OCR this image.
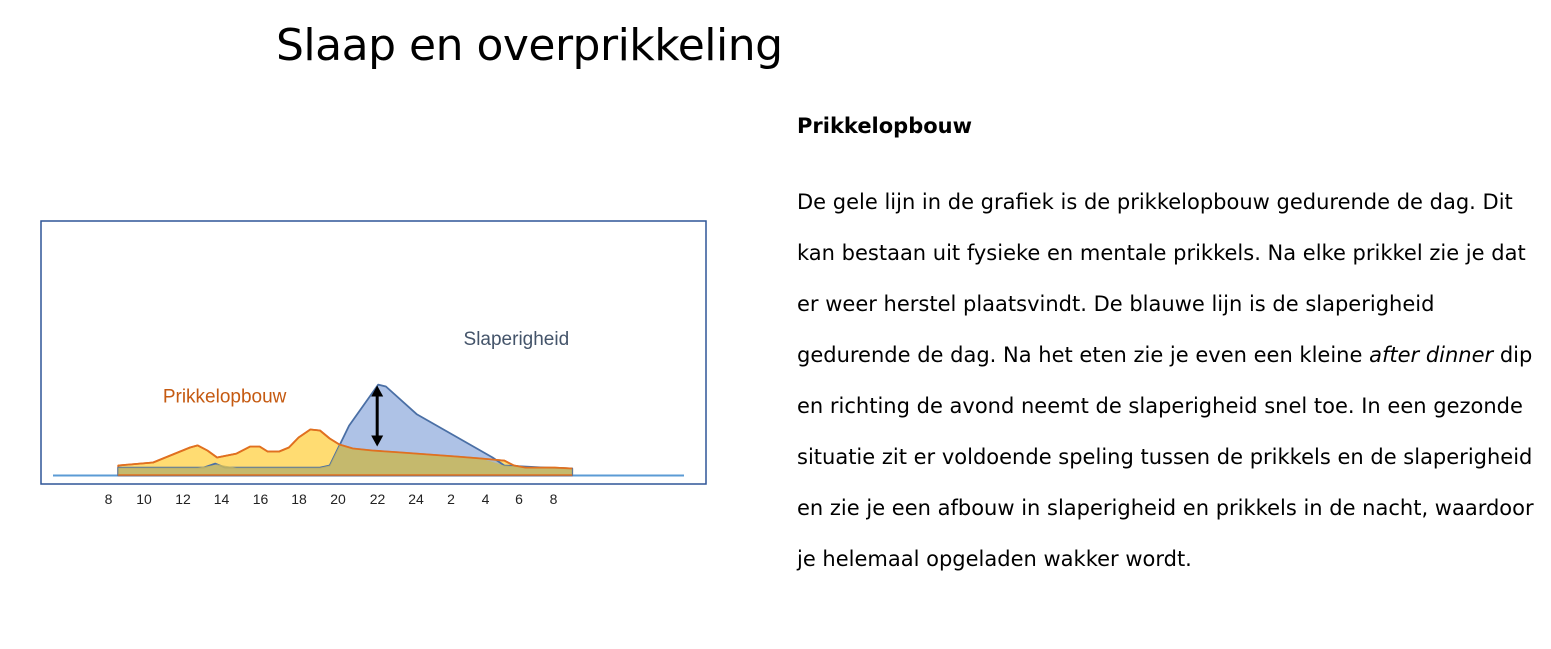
Slaap en overprikkeling
Prikkelopbouw
Slaperigheid
8 10 12 14 16 18 20 22 24 2 4 6 8
Prikkelopbouw

De gele lijn in de grafiek is de prikkelopbouw gedurende de dag. Dit kan bestaan uit fysieke en mentale prikkels. Na elke prikkel zie je dat er weer herstel plaatsvindt. De blauwe lijn is de slaperigheid gedurende de dag. Na het eten zie je even een kleine after dinner dip en richting de avond neemt de slaperigheid snel toe. In een gezonde situatie zit er voldoende speling tussen de prikkels en de slaperigheid en zie je een afbouw in slaperigheid en prikkels in de nacht, waardoor je helemaal opgeladen wakker wordt.
